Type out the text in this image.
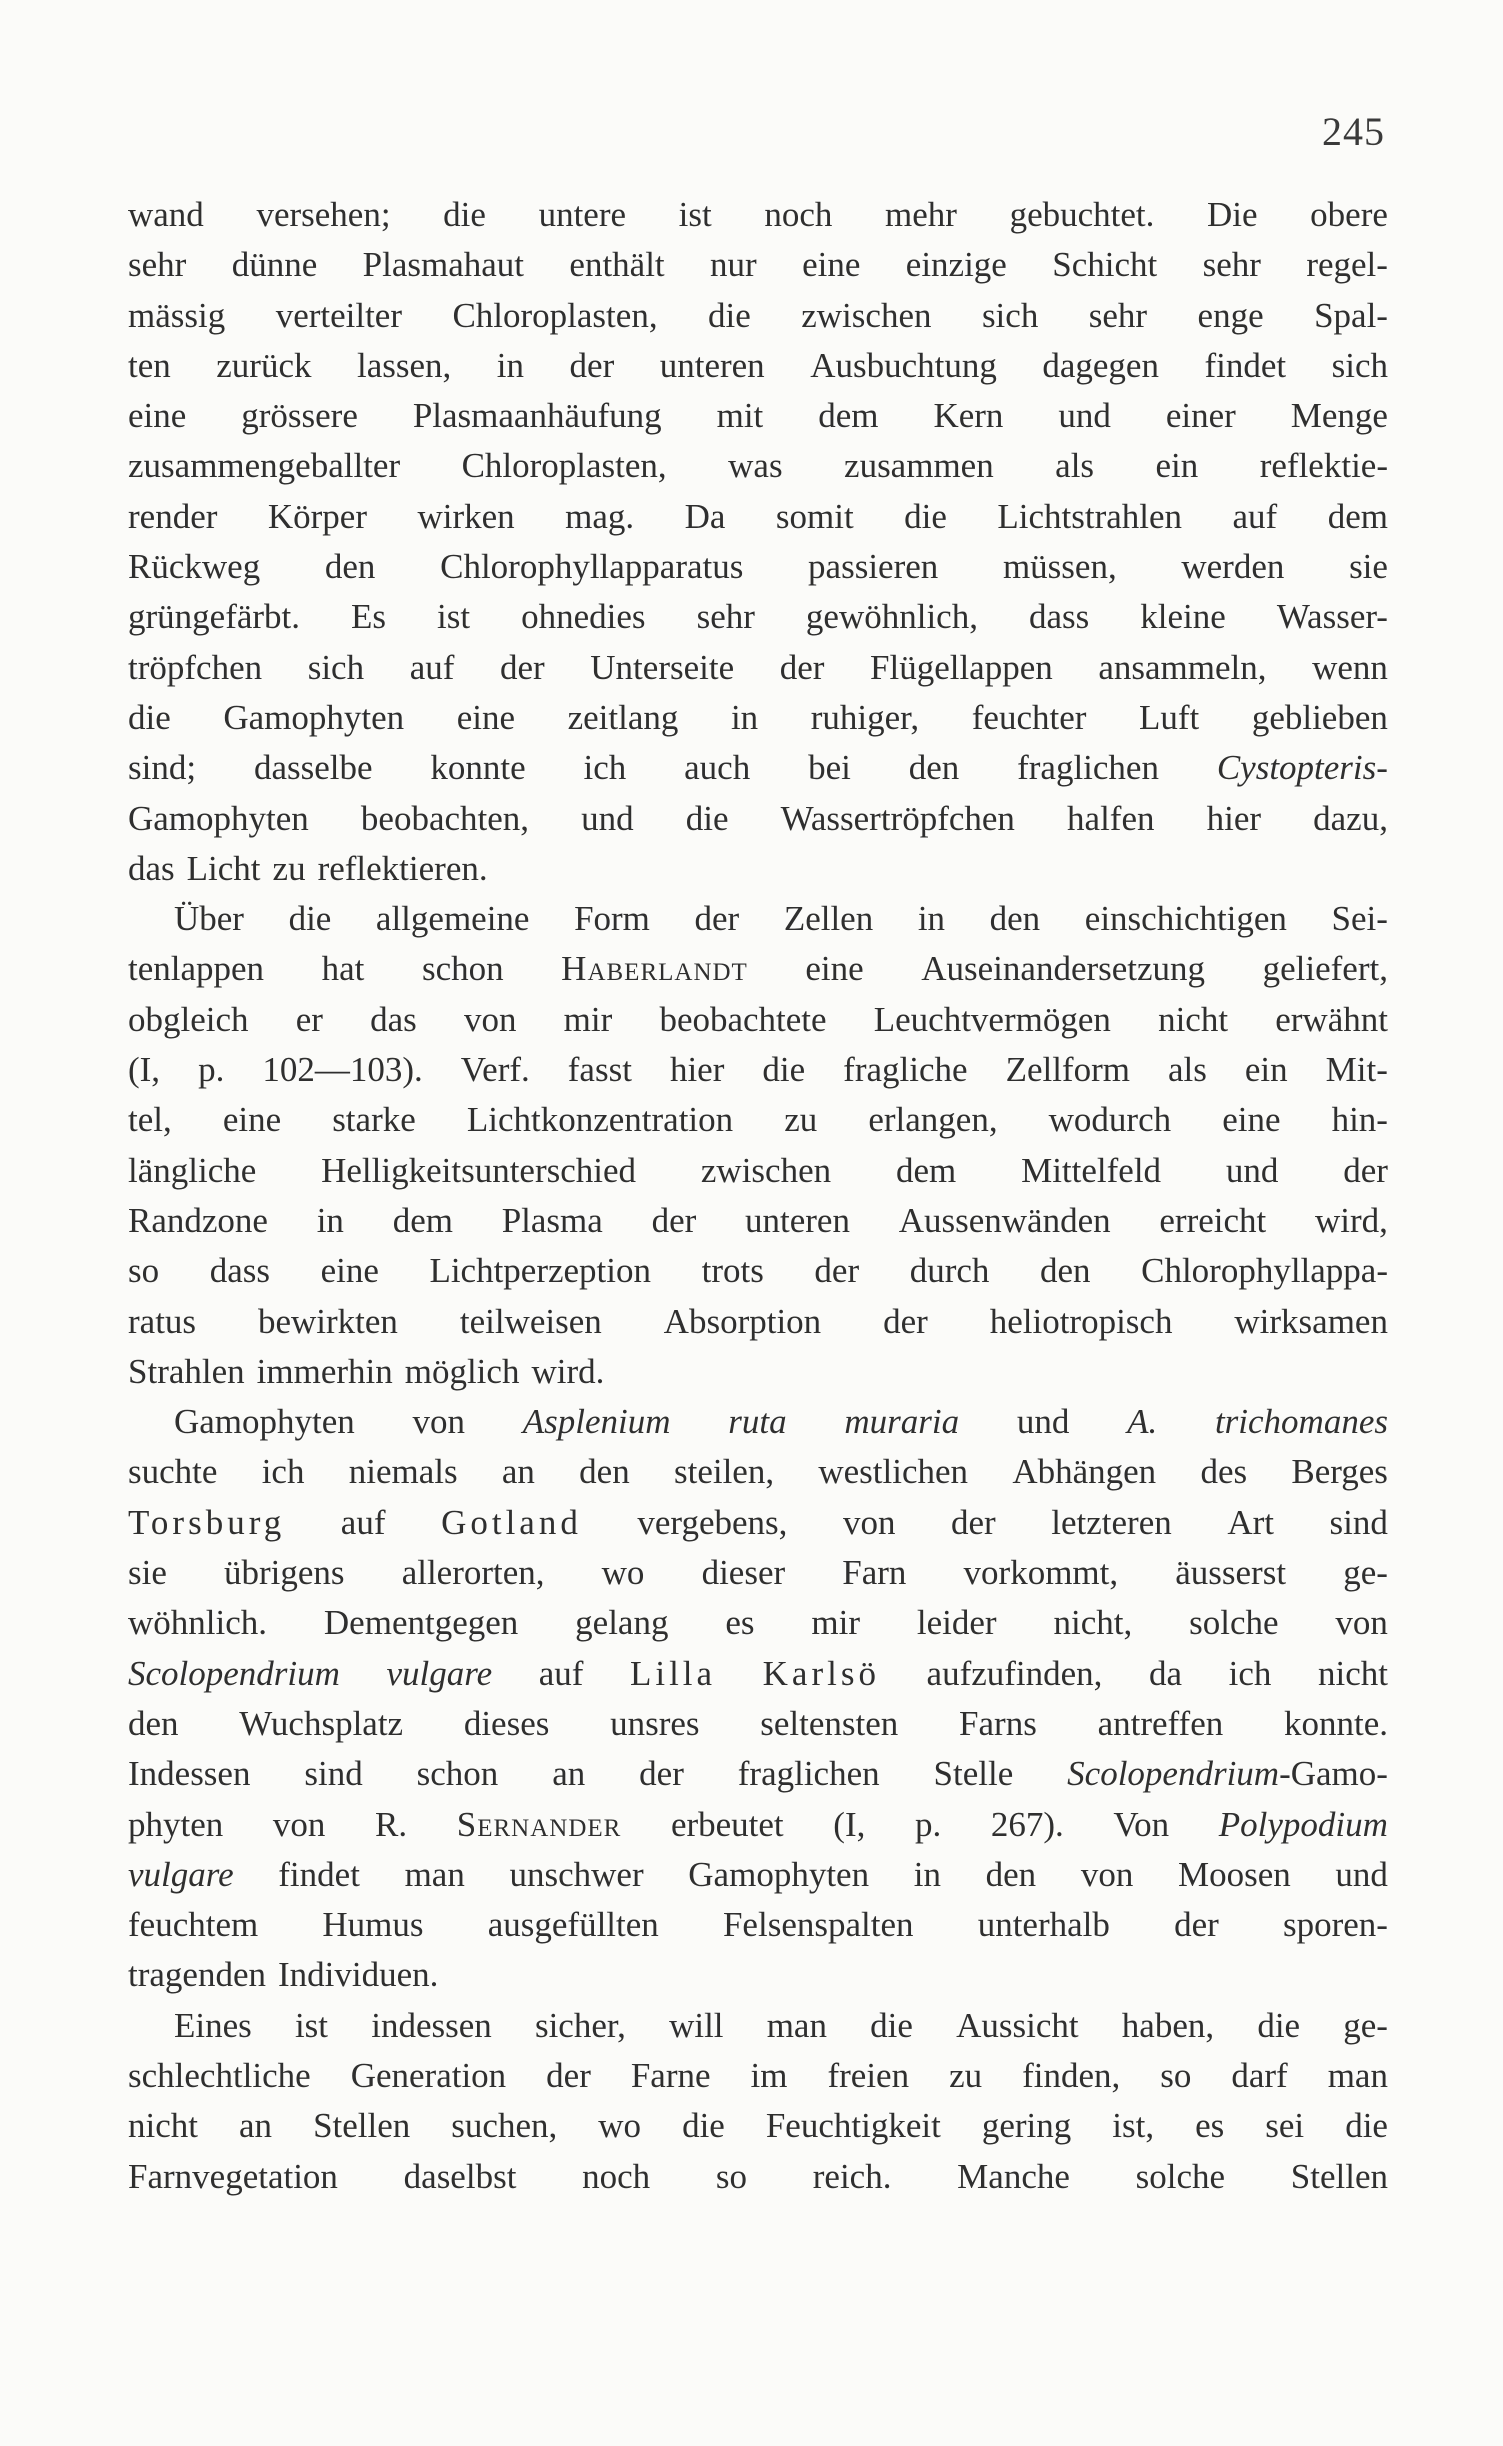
245
wand versehen; die untere ist noch mehr gebuchtet. Die obere
sehr dünne Plasmahaut enthält nur eine einzige Schicht sehr regel-
mässig verteilter Chloroplasten, die zwischen sich sehr enge Spal-
ten zurück lassen, in der unteren Ausbuchtung dagegen findet sich
eine grössere Plasmaanhäufung mit dem Kern und einer Menge
zusammengeballter Chloroplasten, was zusammen als ein reflektie-
render Körper wirken mag. Da somit die Lichtstrahlen auf dem
Rückweg den Chlorophyllapparatus passieren müssen, werden sie
grüngefärbt. Es ist ohnedies sehr gewöhnlich, dass kleine Wasser-
tröpfchen sich auf der Unterseite der Flügellappen ansammeln, wenn
die Gamophyten eine zeitlang in ruhiger, feuchter Luft geblieben
sind; dasselbe konnte ich auch bei den fraglichen Cystopteris-
Gamophyten beobachten, und die Wassertröpfchen halfen hier dazu,
das Licht zu reflektieren.
Über die allgemeine Form der Zellen in den einschichtigen Sei-
tenlappen hat schon Haberlandt eine Auseinandersetzung geliefert,
obgleich er das von mir beobachtete Leuchtvermögen nicht erwähnt
(I, p. 102—103). Verf. fasst hier die fragliche Zellform als ein Mit-
tel, eine starke Lichtkonzentration zu erlangen, wodurch eine hin-
längliche Helligkeitsunterschied zwischen dem Mittelfeld und der
Randzone in dem Plasma der unteren Aussenwänden erreicht wird,
so dass eine Lichtperzeption trots der durch den Chlorophyllappa-
ratus bewirkten teilweisen Absorption der heliotropisch wirksamen
Strahlen immerhin möglich wird.
Gamophyten von Asplenium ruta muraria und A. trichomanes
suchte ich niemals an den steilen, westlichen Abhängen des Berges
Torsburg auf Gotland vergebens, von der letzteren Art sind
sie übrigens allerorten, wo dieser Farn vorkommt, äusserst ge-
wöhnlich. Dementgegen gelang es mir leider nicht, solche von
Scolopendrium vulgare auf Lilla Karlsö aufzufinden, da ich nicht
den Wuchsplatz dieses unsres seltensten Farns antreffen konnte.
Indessen sind schon an der fraglichen Stelle Scolopendrium-Gamo-
phyten von R. Sernander erbeutet (I, p. 267). Von Polypodium
vulgare findet man unschwer Gamophyten in den von Moosen und
feuchtem Humus ausgefüllten Felsenspalten unterhalb der sporen-
tragenden Individuen.
Eines ist indessen sicher, will man die Aussicht haben, die ge-
schlechtliche Generation der Farne im freien zu finden, so darf man
nicht an Stellen suchen, wo die Feuchtigkeit gering ist, es sei die
Farnvegetation daselbst noch so reich. Manche solche Stellen
